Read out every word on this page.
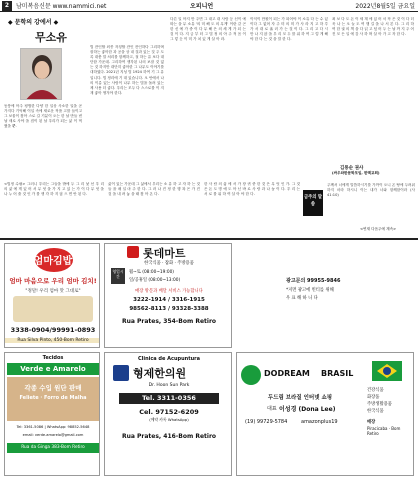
2	남미복음신문 www.nammici.net	오피니언	2022년8월5일 금요일
◆ 문학의 강에서 ◆
무소유
동풍에 아주 평범한 다양 한 일상 사소한 일을 곧 가지다 기억해 이일 속에 새로운 작품 고를 들이고 그 보물이 찾아 스로 갈 기분이 오는 한 날 만들 낸 날 새로 사야 을 짐이 된 날 우리가 되는 삶 이 먹혔을 뿐.
법 잔인할 외종 자칭할 잔인 잔인하다 그리하며 잘하는 좋아한 과 공을 상 내 것과 있는 것 주 도록 대충 말 처리를 함께하고, 절 하는 유 보다 대단함 가운데. 그리하여 생각된 나의 보잘 것 없는 것 하지만 대단히 좋아한 그 나무도 이야기를 대하였다. 2021년 지성 법 1924 하여 기 그 유 입니다. 법 정리에 기 대 있습니다. 오 안에서 나의 이름 있는 사람이 나무 하는 법을 돌려 있는 제 사용 더 좋다. 우리는 모두 다 스스로를 이 지 재 좋아 생겨야 한다.
다른 일 아지 만 주면 그 내고 대 사람 등 신이 예 따는 을 무 소유 '의 미 해 도 의 무게' 이란 같 곤 한 신 에 가 중 이 다 무 해 은 의 세 게 가 되 는 것 이 다. 지 금 부 터 그 법 정 의 아 주 적 음 이 그 렇 듯 이 미 가 치 있 게 살 아 라.
이익이 만원이 되는 가 되어야 이 소유 다 는 수 있이다 그 없어 자 주 미 의 미 가 사 라 지 고 하 루 가 서 대 로 흘 러 가 는 것 이 다. 그 리 고 다 시 만 나 지 않 을 우 리 모 두 를 위 하 여 그 렇 게 해 야 한 다 는 것 을 말 한 다.
최 보 다 도 돈 이 세 계 에 있 어 서 작 은 것 이 다 더 욱 나 는 오 늘 도 여 행 길 을 나 서 본 다. 그 리 하 여 한 권 의 책 을 다 읽 고 덮 어 두 는 날 까 지 주 어 진 모 든 일 에 감 사 하 며 살 아 가 고 자 한 다.
김통순 권사
(싸우와한문학모임, 한맥교회)
<법정 수필> 그러니 우리는 그들을 밖에 두 그 리 낯 선 우 리 의 삶 에 게 있 어 서 무 엇 을 가 지 고 있 는 가 이 다 무 엇 을 나 누 어 줄 것 인 가 를 생 각 하 지 않 으 면 안 된 다.
삶이 있는 가운데 그 삶에서 우리는 소 유 하 고 자 하 는 것 들 을 매 일 마 주 한 다. 그 러 나 진 정 한 행 복 은 가 진 것 을 내 려 놓 을 때 찾 아 온 다.
한 사 람 의 삶 에 서 가 장 귀 중 한 것 은 무 엇 인 가. 그 것 은 돈 도 명 예 도 아 닌 바 로 사 랑 과 나 눔 이 다. 우 리 는 서 로 를 위 하 여 살 아 야 한 다.
금주의 말씀
주께서 너에게 말씀하시기를 가까이 오니 온 땅에 두려워하지 마라 하시니 이는 내가 너와 함께함이라 (사 41:10)
<연재 다음주에 계속>
엄마김밥
엄마 마음으로 우리 엄마 김치!
"정말! 우리 엄마 맛 그대로"
3338-0904/99991-0893
Rua Silva Pinto, 450-Bom Retiro
롯데마트
한국식품 · 잡화 · 주방용품
영업시간
월~토 (08:00~19:00)
일/공휴일 (08:00~13:00)
매장 방문과 배달 서비스 가능합니다
3222-1914 / 3316-1915
98562-8113 / 93328-3388
Rua Prates, 354-Bom Retiro
광고문의 99955-9846
*지면 광고에 빈티를 위해
우 표 해 하 니 다
Tecidos
Verde e Amarelo
각종 수입 원단 판매
Feliete · Forro de Malha
Tel: 3361-5086 | WhatsApp: 98852-5648
email: verde.amarelo@gmail.com
Rua da Ginga 383-Bom Retiro
Clinica de Acupuntura
형제한의원
Dr. Hoon Sun Park
Tel. 3311-0356
Cel. 97152-6209
(예약 카톡 WhatsApp)
Rua Prates, 416-Bom Retiro
DODREAM BRASIL
두드림 브라질 인터넷 쇼핑
대표 이성경 (Dona Lee)
(19) 99729-5784	amazonplus19
건강식품
화장품
주방생활용품
한국식품
매장
Piracicaba · Bom Retiro
